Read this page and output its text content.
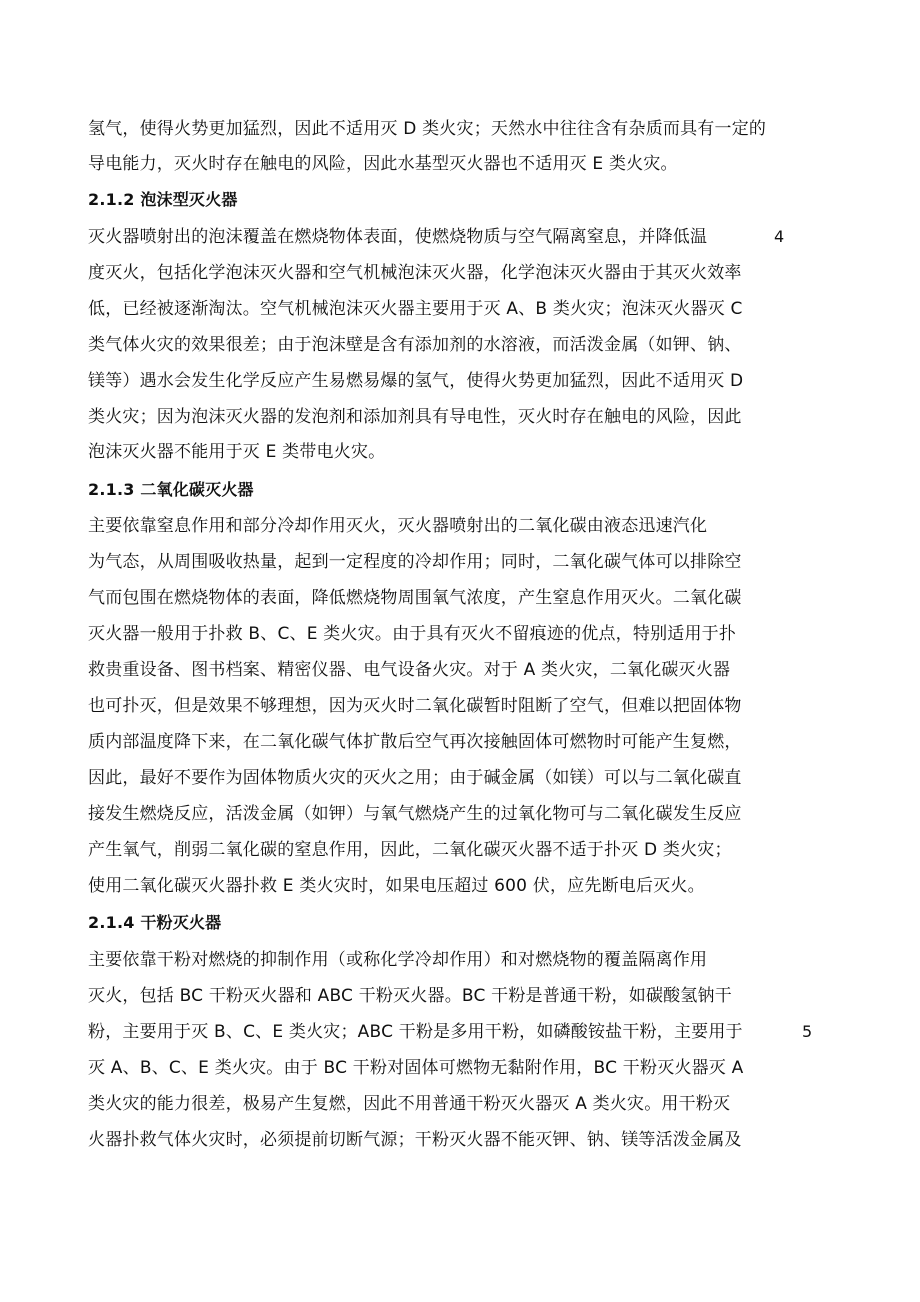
氢气，使得火势更加猛烈，因此不适用灭 D 类火灾；天然水中往往含有杂质而具有一定的

导电能力，灭火时存在触电的风险，因此水基型灭火器也不适用灭 E 类火灾。

2.1.2 泡沫型灭火器

灭火器喷射出的泡沫覆盖在燃烧物体表面，使燃烧物质与空气隔离窒息，并降低温

度灭火，包括化学泡沫灭火器和空气机械泡沫灭火器，化学泡沫灭火器由于其灭火效率

低，已经被逐渐淘汰。空气机械泡沫灭火器主要用于灭 A、B 类火灾；泡沫灭火器灭 C

类气体火灾的效果很差；由于泡沫壁是含有添加剂的水溶液，而活泼金属（如钾、钠、

镁等）遇水会发生化学反应产生易燃易爆的氢气，使得火势更加猛烈，因此不适用灭 D

类火灾；因为泡沫灭火器的发泡剂和添加剂具有导电性，灭火时存在触电的风险，因此

泡沫灭火器不能用于灭 E 类带电火灾。

2.1.3 二氧化碳灭火器

主要依靠窒息作用和部分冷却作用灭火，灭火器喷射出的二氧化碳由液态迅速汽化

为气态，从周围吸收热量，起到一定程度的冷却作用；同时，二氧化碳气体可以排除空

气而包围在燃烧物体的表面，降低燃烧物周围氧气浓度，产生窒息作用灭火。二氧化碳

灭火器一般用于扑救 B、C、E 类火灾。由于具有灭火不留痕迹的优点，特别适用于扑

救贵重设备、图书档案、精密仪器、电气设备火灾。对于 A 类火灾，二氧化碳灭火器

也可扑灭，但是效果不够理想，因为灭火时二氧化碳暂时阻断了空气，但难以把固体物

质内部温度降下来，在二氧化碳气体扩散后空气再次接触固体可燃物时可能产生复燃，

因此，最好不要作为固体物质火灾的灭火之用；由于碱金属（如镁）可以与二氧化碳直

接发生燃烧反应，活泼金属（如钾）与氧气燃烧产生的过氧化物可与二氧化碳发生反应

产生氧气，削弱二氧化碳的窒息作用，因此，二氧化碳灭火器不适于扑灭 D 类火灾；

使用二氧化碳灭火器扑救 E 类火灾时，如果电压超过 600 伏，应先断电后灭火。

2.1.4 干粉灭火器

主要依靠干粉对燃烧的抑制作用（或称化学冷却作用）和对燃烧物的覆盖隔离作用

灭火，包括 BC 干粉灭火器和 ABC 干粉灭火器。BC 干粉是普通干粉，如碳酸氢钠干

粉，主要用于灭 B、C、E 类火灾；ABC 干粉是多用干粉，如磷酸铵盐干粉，主要用于

灭 A、B、C、E 类火灾。由于 BC 干粉对固体可燃物无黏附作用，BC 干粉灭火器灭 A

类火灾的能力很差，极易产生复燃，因此不用普通干粉灭火器灭 A 类火灾。用干粉灭

火器扑救气体火灾时，必须提前切断气源；干粉灭火器不能灭钾、钠、镁等活泼金属及

4

5
